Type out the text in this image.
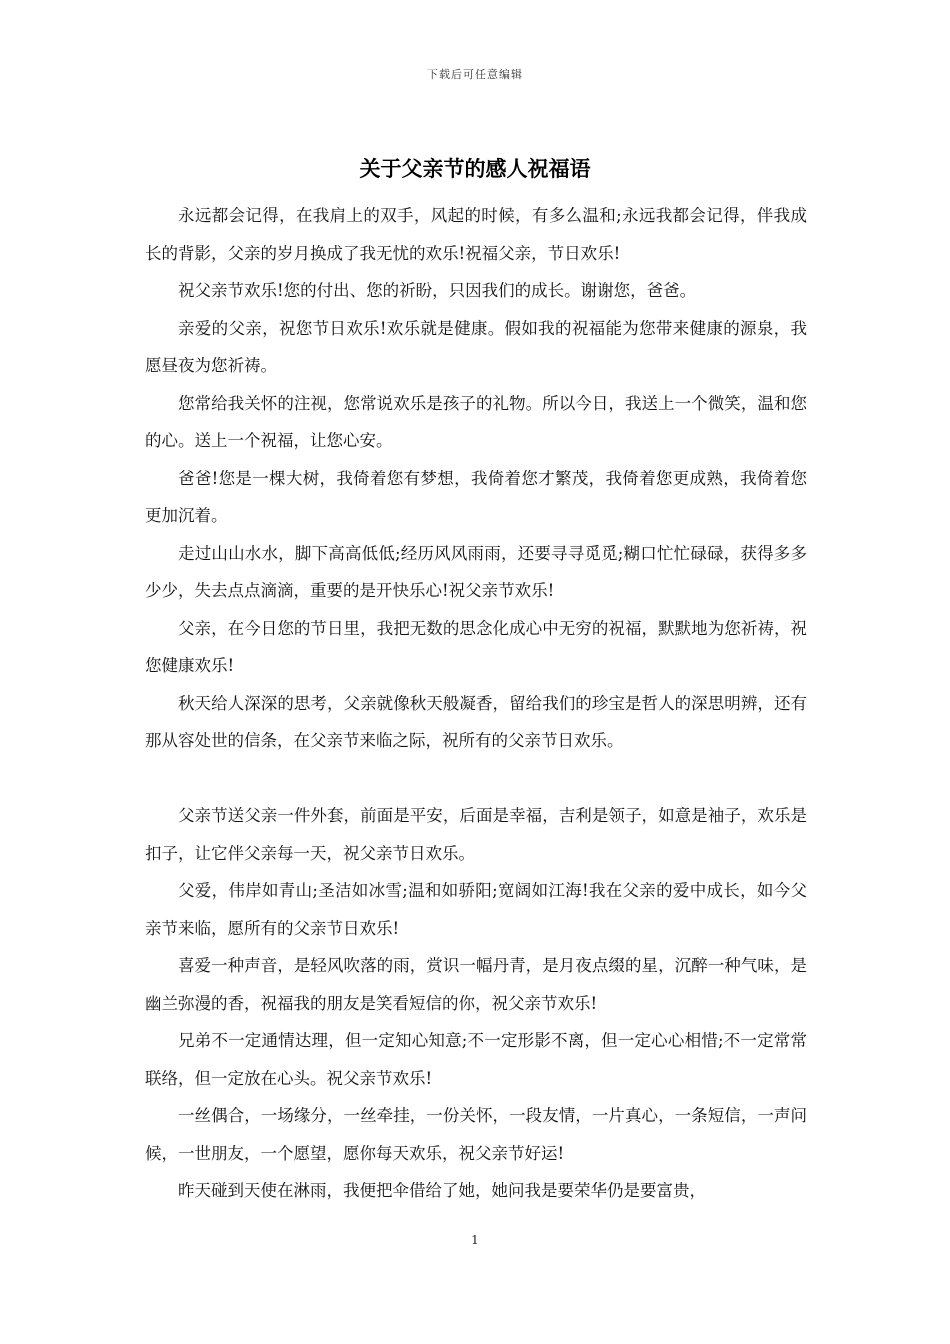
下载后可任意编辑
关于父亲节的感人祝福语

永远都会记得，在我肩上的双手，风起的时候，有多么温和;永远我都会记得，伴我成长的背影，父亲的岁月换成了我无忧的欢乐!祝福父亲，节日欢乐!

祝父亲节欢乐!您的付出、您的祈盼，只因我们的成长。谢谢您，爸爸。

亲爱的父亲，祝您节日欢乐!欢乐就是健康。假如我的祝福能为您带来健康的源泉，我愿昼夜为您祈祷。

您常给我关怀的注视，您常说欢乐是孩子的礼物。所以今日，我送上一个微笑，温和您的心。送上一个祝福，让您心安。

爸爸!您是一棵大树，我倚着您有梦想，我倚着您才繁茂，我倚着您更成熟，我倚着您更加沉着。

走过山山水水，脚下高高低低;经历风风雨雨，还要寻寻觅觅;糊口忙忙碌碌，获得多多少少，失去点点滴滴，重要的是开快乐心!祝父亲节欢乐!

父亲，在今日您的节日里，我把无数的思念化成心中无穷的祝福，默默地为您祈祷，祝您健康欢乐!

秋天给人深深的思考，父亲就像秋天般凝香，留给我们的珍宝是哲人的深思明辨，还有那从容处世的信条，在父亲节来临之际，祝所有的父亲节日欢乐。

父亲节送父亲一件外套，前面是平安，后面是幸福，吉利是领子，如意是袖子，欢乐是扣子，让它伴父亲每一天，祝父亲节日欢乐。

父爱，伟岸如青山;圣洁如冰雪;温和如骄阳;宽阔如江海!我在父亲的爱中成长，如今父亲节来临，愿所有的父亲节日欢乐!

喜爱一种声音，是轻风吹落的雨，赏识一幅丹青，是月夜点缀的星，沉醉一种气味，是幽兰弥漫的香，祝福我的朋友是笑看短信的你，祝父亲节欢乐!

兄弟不一定通情达理，但一定知心知意;不一定形影不离，但一定心心相惜;不一定常常联络，但一定放在心头。祝父亲节欢乐!

一丝偶合，一场缘分，一丝牵挂，一份关怀，一段友情，一片真心，一条短信，一声问候，一世朋友，一个愿望，愿你每天欢乐，祝父亲节好运!

昨天碰到天使在淋雨，我便把伞借给了她，她问我是要荣华仍是要富贵，

1
